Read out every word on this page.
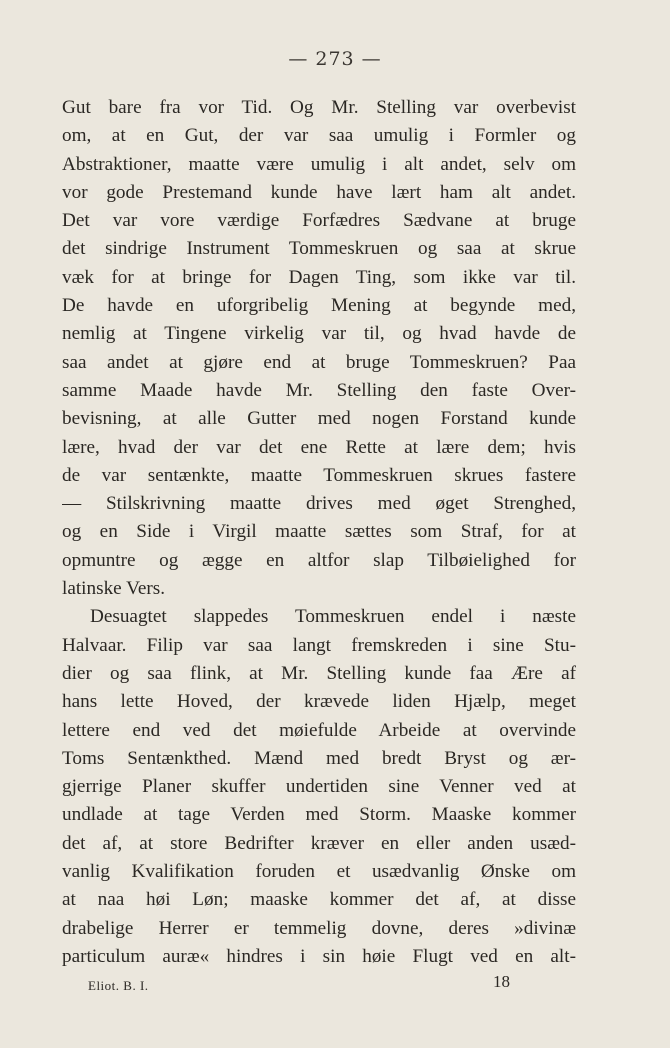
— 273 —
Gut bare fra vor Tid. Og Mr. Stelling var overbevist
om, at en Gut, der var saa umulig i Formler og
Abstraktioner, maatte være umulig i alt andet, selv om
vor gode Prestemand kunde have lært ham alt andet.
Det var vore værdige Forfædres Sædvane at bruge
det sindrige Instrument Tommeskruen og saa at skrue
væk for at bringe for Dagen Ting, som ikke var til.
De havde en uforgribelig Mening at begynde med,
nemlig at Tingene virkelig var til, og hvad havde de
saa andet at gjøre end at bruge Tommeskruen? Paa
samme Maade havde Mr. Stelling den faste Over-
bevisning, at alle Gutter med nogen Forstand kunde
lære, hvad der var det ene Rette at lære dem; hvis
de var sentænkte, maatte Tommeskruen skrues fastere
— Stilskrivning maatte drives med øget Strenghed,
og en Side i Virgil maatte sættes som Straf, for at
opmuntre og ægge en altfor slap Tilbøielighed for
latinske Vers.
Desuagtet slappedes Tommeskruen endel i næste
Halvaar. Filip var saa langt fremskreden i sine Stu-
dier og saa flink, at Mr. Stelling kunde faa Ære af
hans lette Hoved, der krævede liden Hjælp, meget
lettere end ved det møiefulde Arbeide at overvinde
Toms Sentænkthed. Mænd med bredt Bryst og ær-
gjerrige Planer skuffer undertiden sine Venner ved at
undlade at tage Verden med Storm. Maaske kommer
det af, at store Bedrifter kræver en eller anden usæd-
vanlig Kvalifikation foruden et usædvanlig Ønske om
at naa høi Løn; maaske kommer det af, at disse
drabelige Herrer er temmelig dovne, deres »divinæ
particulum auræ« hindres i sin høie Flugt ved en alt-
Eliot. B. I.	18
